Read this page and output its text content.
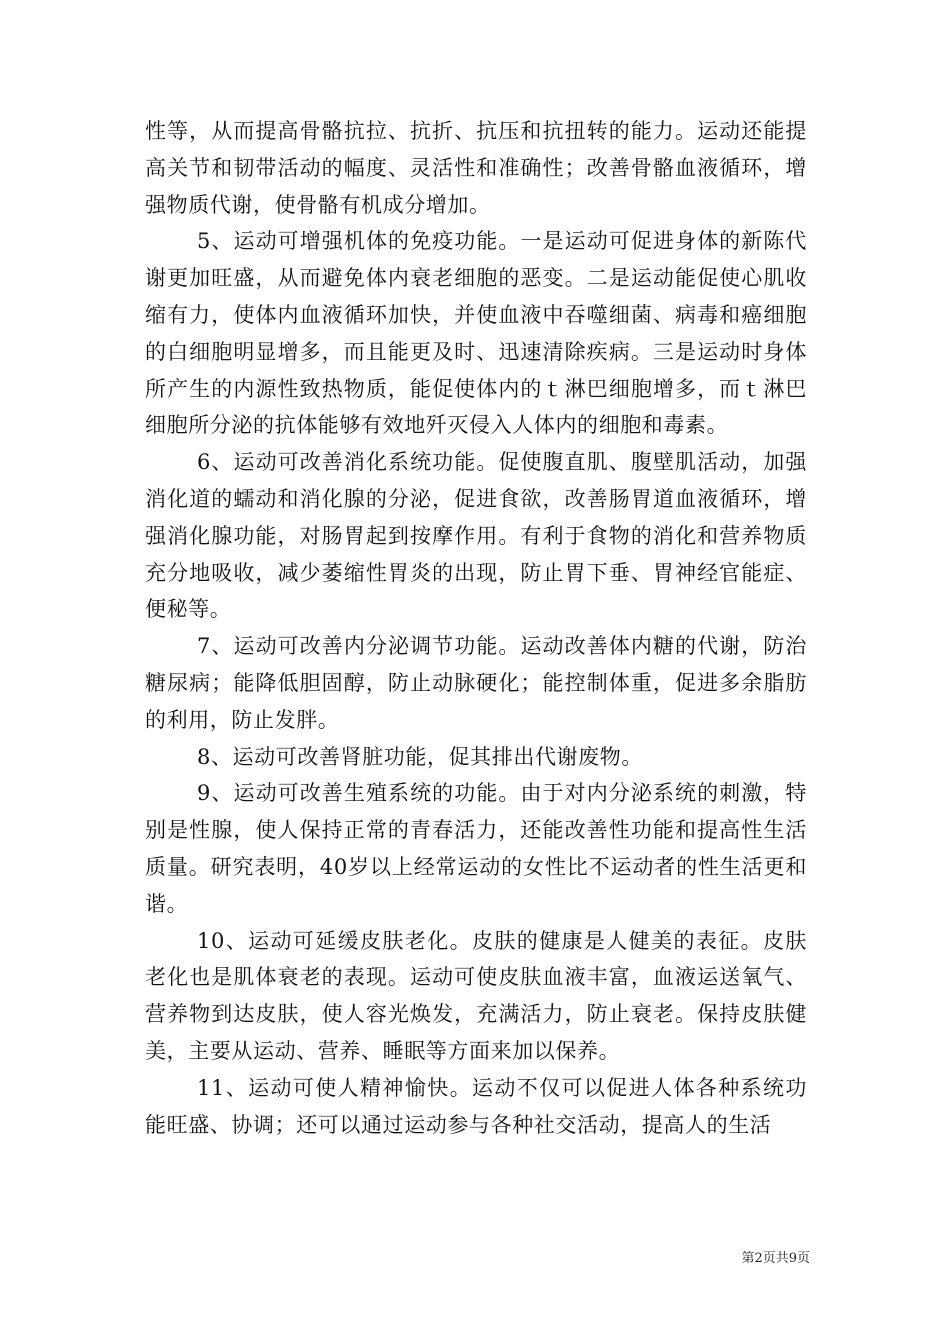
性等，从而提高骨骼抗拉、抗折、抗压和抗扭转的能力。运动还能提高关节和韧带活动的幅度、灵活性和准确性；改善骨骼血液循环，增强物质代谢，使骨骼有机成分增加。

5、运动可增强机体的免疫功能。一是运动可促进身体的新陈代谢更加旺盛，从而避免体内衰老细胞的恶变。二是运动能促使心肌收缩有力，使体内血液循环加快，并使血液中吞噬细菌、病毒和癌细胞的白细胞明显增多，而且能更及时、迅速清除疾病。三是运动时身体所产生的内源性致热物质，能促使体内的ｔ淋巴细胞增多，而ｔ淋巴细胞所分泌的抗体能够有效地歼灭侵入人体内的细胞和毒素。

6、运动可改善消化系统功能。促使腹直肌、腹壁肌活动，加强消化道的蠕动和消化腺的分泌，促进食欲，改善肠胃道血液循环，增强消化腺功能，对肠胃起到按摩作用。有利于食物的消化和营养物质充分地吸收，减少萎缩性胃炎的出现，防止胃下垂、胃神经官能症、便秘等。

7、运动可改善内分泌调节功能。运动改善体内糖的代谢，防治糖尿病；能降低胆固醇，防止动脉硬化；能控制体重，促进多余脂肪的利用，防止发胖。

8、运动可改善肾脏功能，促其排出代谢废物。

9、运动可改善生殖系统的功能。由于对内分泌系统的刺激，特别是性腺，使人保持正常的青春活力，还能改善性功能和提高性生活质量。研究表明，40岁以上经常运动的女性比不运动者的性生活更和谐。

10、运动可延缓皮肤老化。皮肤的健康是人健美的表征。皮肤老化也是肌体衰老的表现。运动可使皮肤血液丰富，血液运送氧气、营养物到达皮肤，使人容光焕发，充满活力，防止衰老。保持皮肤健美，主要从运动、营养、睡眠等方面来加以保养。

11、运动可使人精神愉快。运动不仅可以促进人体各种系统功能旺盛、协调；还可以通过运动参与各种社交活动，提高人的生活

第2页共9页
